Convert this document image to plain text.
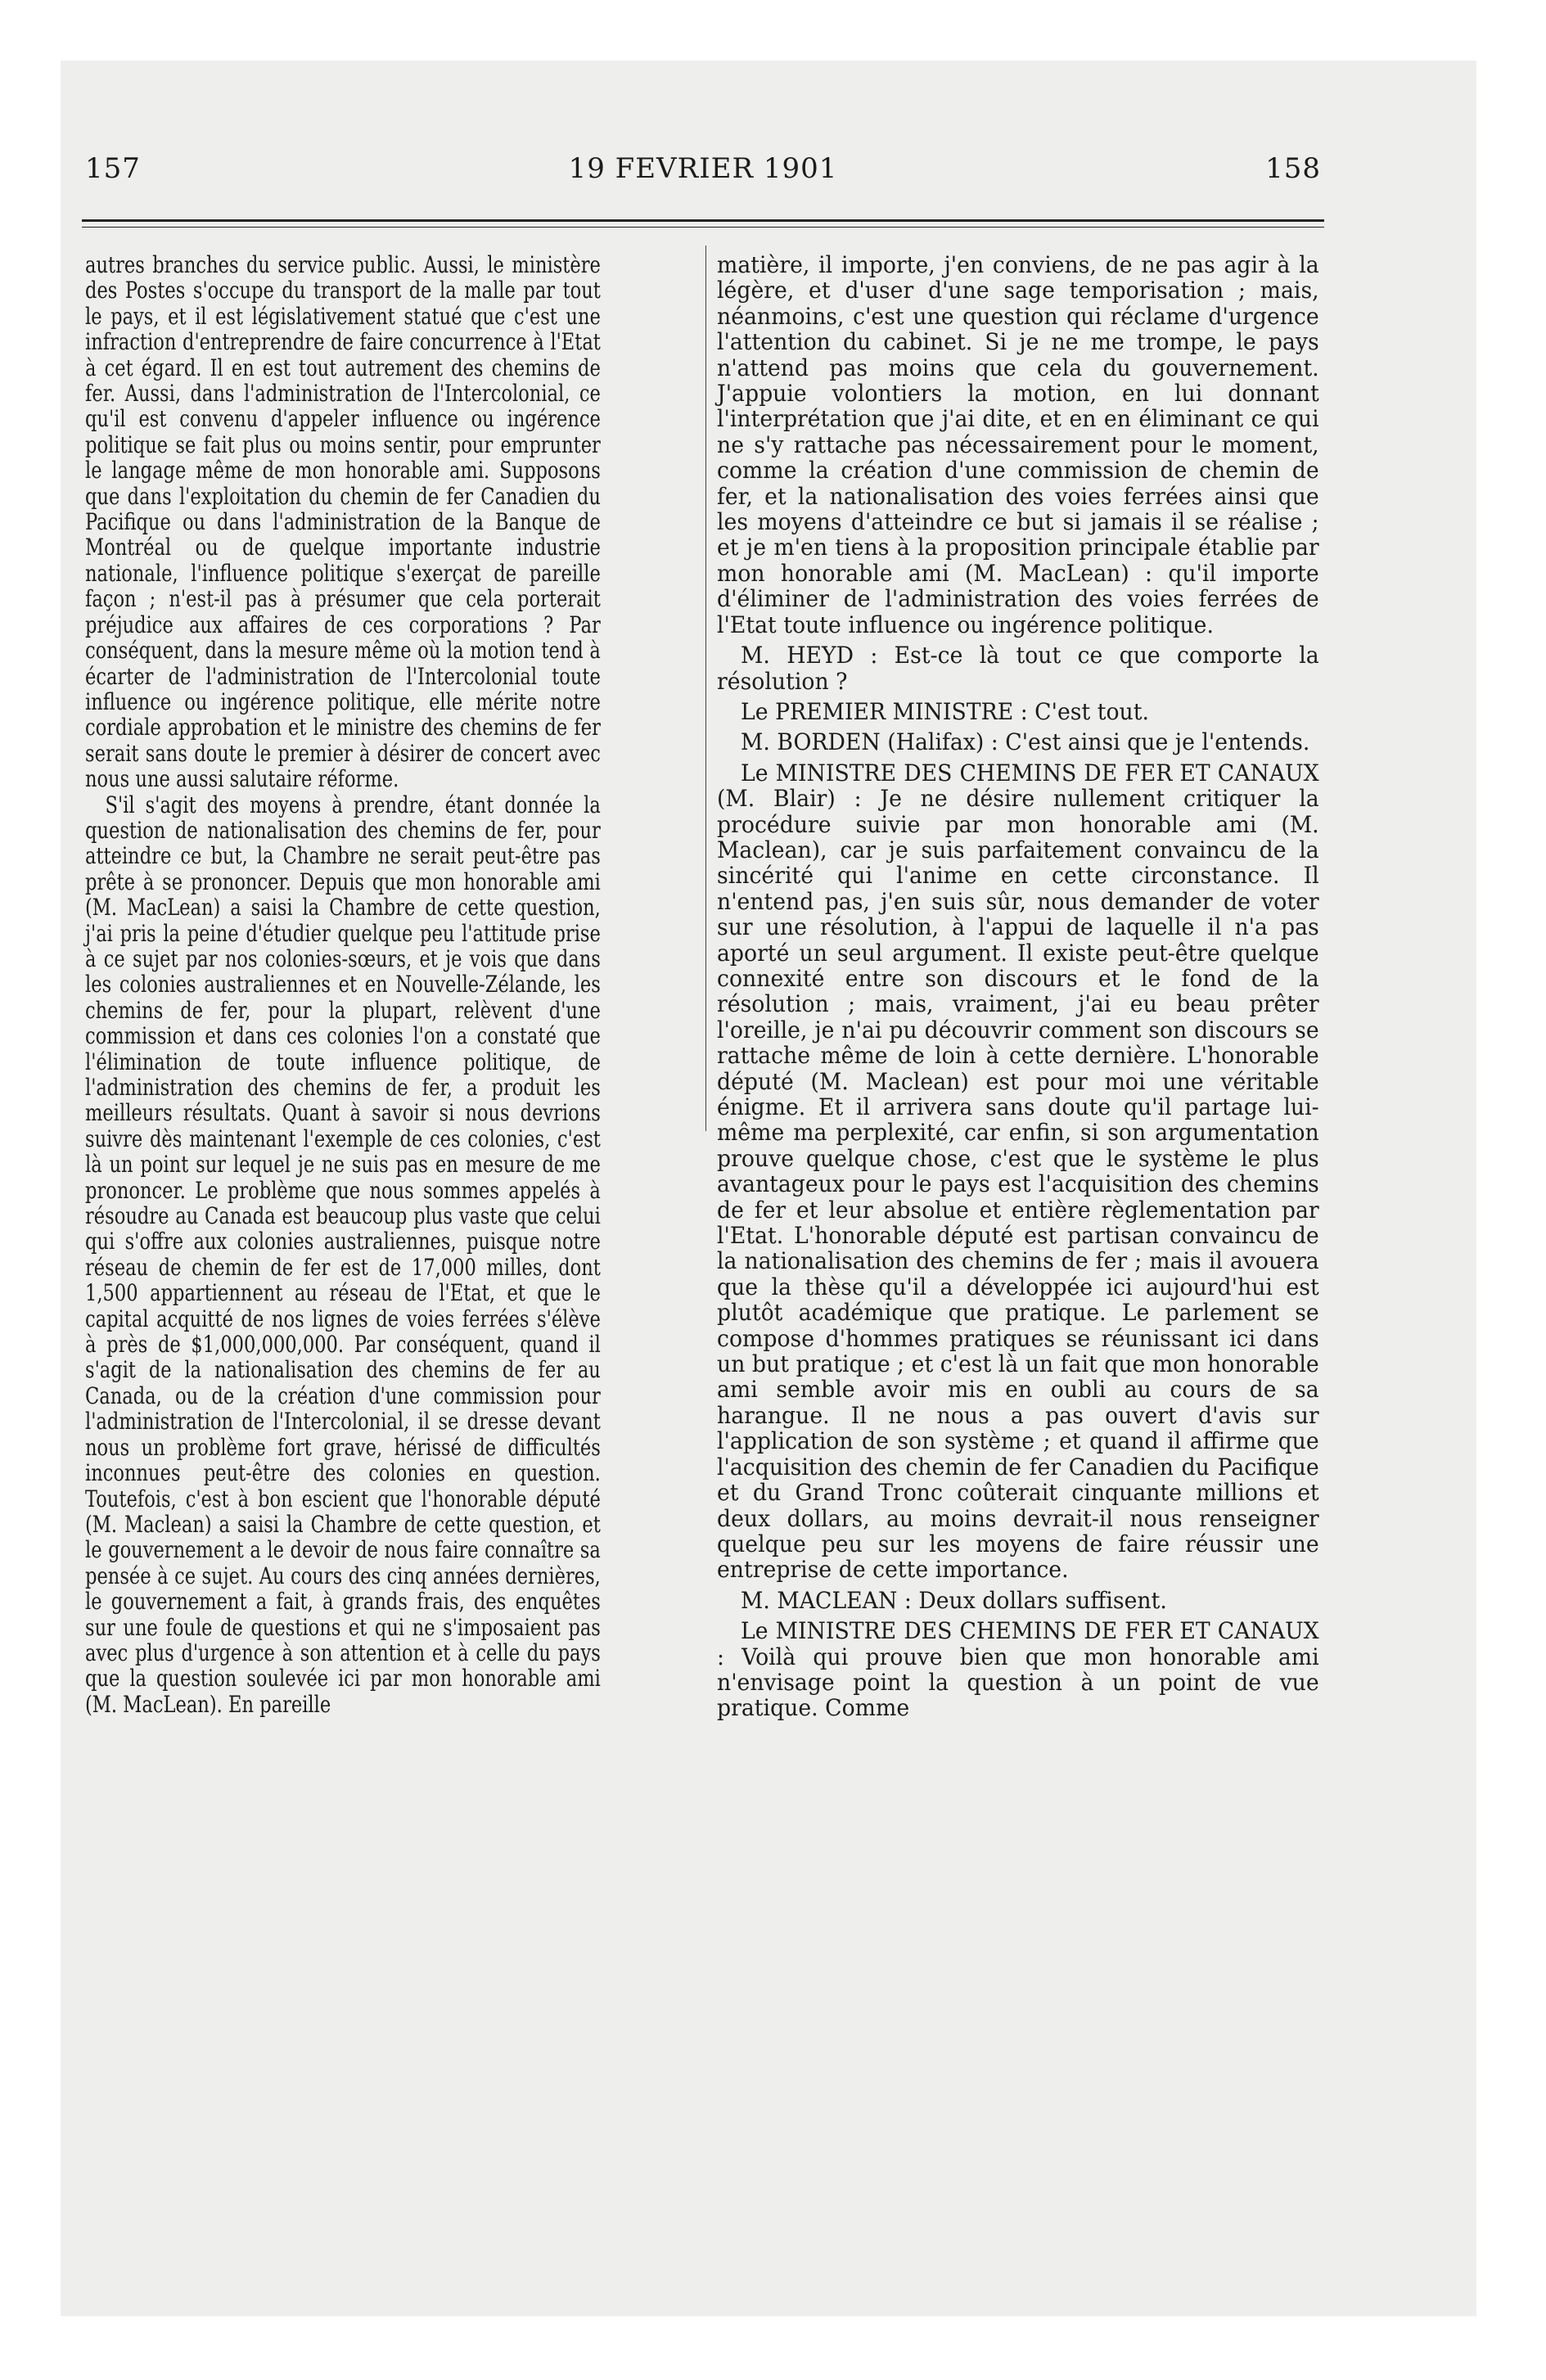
157	19 FEVRIER 1901	158

autres branches du service public. Aussi, le ministère des Postes s'occupe du transport de la malle par tout le pays, et il est législativement statué que c'est une infraction d'entreprendre de faire concurrence à l'Etat à cet égard. Il en est tout autrement des chemins de fer. Aussi, dans l'administration de l'Intercolonial, ce qu'il est convenu d'appeler influence ou ingérence politique se fait plus ou moins sentir, pour emprunter le langage même de mon honorable ami. Supposons que dans l'exploitation du chemin de fer Canadien du Pacifique ou dans l'administration de la Banque de Montréal ou de quelque importante industrie nationale, l'influence politique s'exerçat de pareille façon ; n'est-il pas à présumer que cela porterait préjudice aux affaires de ces corporations ? Par conséquent, dans la mesure même où la motion tend à écarter de l'administration de l'Intercolonial toute influence ou ingérence politique, elle mérite notre cordiale approbation et le ministre des chemins de fer serait sans doute le premier à désirer de concert avec nous une aussi salutaire réforme.

S'il s'agit des moyens à prendre, étant donnée la question de nationalisation des chemins de fer, pour atteindre ce but, la Chambre ne serait peut-être pas prête à se prononcer. Depuis que mon honorable ami (M. MacLean) a saisi la Chambre de cette question, j'ai pris la peine d'étudier quelque peu l'attitude prise à ce sujet par nos colonies-sœurs, et je vois que dans les colonies australiennes et en Nouvelle-Zélande, les chemins de fer, pour la plupart, relèvent d'une commission et dans ces colonies l'on a constaté que l'élimination de toute influence politique, de l'administration des chemins de fer, a produit les meilleurs résultats. Quant à savoir si nous devrions suivre dès maintenant l'exemple de ces colonies, c'est là un point sur lequel je ne suis pas en mesure de me prononcer. Le problème que nous sommes appelés à résoudre au Canada est beaucoup plus vaste que celui qui s'offre aux colonies australiennes, puisque notre réseau de chemin de fer est de 17,000 milles, dont 1,500 appartiennent au réseau de l'Etat, et que le capital acquitté de nos lignes de voies ferrées s'élève à près de $1,000,000,000. Par conséquent, quand il s'agit de la nationalisation des chemins de fer au Canada, ou de la création d'une commission pour l'administration de l'Intercolonial, il se dresse devant nous un problème fort grave, hérissé de difficultés inconnues peut-être des colonies en question. Toutefois, c'est à bon escient que l'honorable député (M. Maclean) a saisi la Chambre de cette question, et le gouvernement a le devoir de nous faire connaître sa pensée à ce sujet. Au cours des cinq années dernières, le gouvernement a fait, à grands frais, des enquêtes sur une foule de questions et qui ne s'imposaient pas avec plus d'urgence à son attention et à celle du pays que la question soulevée ici par mon honorable ami (M. MacLean). En pareille

matière, il importe, j'en conviens, de ne pas agir à la légère, et d'user d'une sage temporisation ; mais, néanmoins, c'est une question qui réclame d'urgence l'attention du cabinet. Si je ne me trompe, le pays n'attend pas moins que cela du gouvernement. J'appuie volontiers la motion, en lui donnant l'interprétation que j'ai dite, et en en éliminant ce qui ne s'y rattache pas nécessairement pour le moment, comme la création d'une commission de chemin de fer, et la nationalisation des voies ferrées ainsi que les moyens d'atteindre ce but si jamais il se réalise ; et je m'en tiens à la proposition principale établie par mon honorable ami (M. MacLean) : qu'il importe d'éliminer de l'administration des voies ferrées de l'Etat toute influence ou ingérence politique.

M. HEYD : Est-ce là tout ce que comporte la résolution ?

Le PREMIER MINISTRE : C'est tout.

M. BORDEN (Halifax) : C'est ainsi que je l'entends.

Le MINISTRE DES CHEMINS DE FER ET CANAUX (M. Blair) : Je ne désire nullement critiquer la procédure suivie par mon honorable ami (M. Maclean), car je suis parfaitement convaincu de la sincérité qui l'anime en cette circonstance. Il n'entend pas, j'en suis sûr, nous demander de voter sur une résolution, à l'appui de laquelle il n'a pas aporté un seul argument. Il existe peut-être quelque connexité entre son discours et le fond de la résolution ; mais, vraiment, j'ai eu beau prêter l'oreille, je n'ai pu découvrir comment son discours se rattache même de loin à cette dernière. L'honorable député (M. Maclean) est pour moi une véritable énigme. Et il arrivera sans doute qu'il partage lui-même ma perplexité, car enfin, si son argumentation prouve quelque chose, c'est que le système le plus avantageux pour le pays est l'acquisition des chemins de fer et leur absolue et entière règlementation par l'Etat. L'honorable député est partisan convaincu de la nationalisation des chemins de fer ; mais il avouera que la thèse qu'il a développée ici aujourd'hui est plutôt académique que pratique. Le parlement se compose d'hommes pratiques se réunissant ici dans un but pratique ; et c'est là un fait que mon honorable ami semble avoir mis en oubli au cours de sa harangue. Il ne nous a pas ouvert d'avis sur l'application de son système ; et quand il affirme que l'acquisition des chemin de fer Canadien du Pacifique et du Grand Tronc coûterait cinquante millions et deux dollars, au moins devrait-il nous renseigner quelque peu sur les moyens de faire réussir une entreprise de cette importance.

M. MACLEAN : Deux dollars suffisent.

Le MINISTRE DES CHEMINS DE FER ET CANAUX : Voilà qui prouve bien que mon honorable ami n'envisage point la question à un point de vue pratique. Comme
